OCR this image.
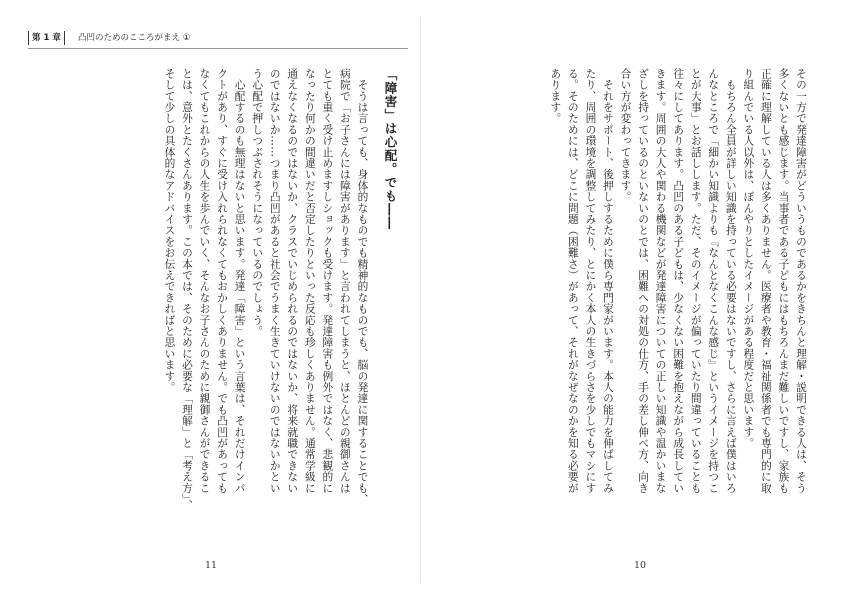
第 1 章	凸凹のためのこころがまえ ①

「障害」は心配。でも――

　そうは言っても、身体的なものでも精神的なものでも、脳の発達に関することでも、

病院で「お子さんには障害があります」と言われてしまうと、ほとんどの親御さんは

とても重く受け止めますしショックも受けます。発達障害も例外ではなく、悲観的に

なったり何かの間違いだと否定したりといった反応も珍しくありません。通常学級に

通えなくなるのではないか、クラスでいじめられるのではないか、将来就職できない

のではないか……つまり凸凹があると社会でうまく生きていけないのではないかとい

う心配で押しつぶされそうになっているのでしょう。

　心配するのも無理はないと思います。発達「障害」という言葉は、それだけインパ

クトがあり、すぐに受け入れられなくてもおかしくありません。でも凸凹があっても

なくてもこれからの人生を歩んでいく、そんなお子さんのために親御さんができるこ

とは、意外とたくさんあります。この本では、そのために必要な「理解」と「考え方」、

そして少しの具体的なアドバイスをお伝えできればと思います。

11

その一方で発達障害がどういうものであるかをきちんと理解・説明できる人は、そう

多くないとも感じます。当事者である子どもにはもちろんまだ難しいですし、家族も

正確に理解している人は多くありません。医療者や教育・福祉関係者でも専門的に取

り組んでいる人以外は、ぼんやりとしたイメージがある程度だと思います。

　もちろん全員が詳しい知識を持っている必要はないですし、さらに言えば僕はいろ

んなところで「細かい知識よりも『なんとなくこんな感じ』というイメージを持つこ

とが大事」とお話しします。ただ、そのイメージが偏っていたり間違っていることも

往々にしてあります。凸凹のある子どもは、少なくない困難を抱えながら成長してい

きます。周囲の大人や関わる機関などが発達障害についての正しい知識や温かいまな

ざしを持っているのといないのとでは、困難への対処の仕方、手の差し伸べ方、向き

合い方が変わってきます。

　それをサポート、後押しするために僕ら専門家がいます。本人の能力を伸ばしてみ

たり、周囲の環境を調整してみたり、とにかく本人の生きづらさを少しでもマシにす

る。そのためには、どこに問題（困難さ）があって、それがなぜなのかを知る必要が

あります。

10
